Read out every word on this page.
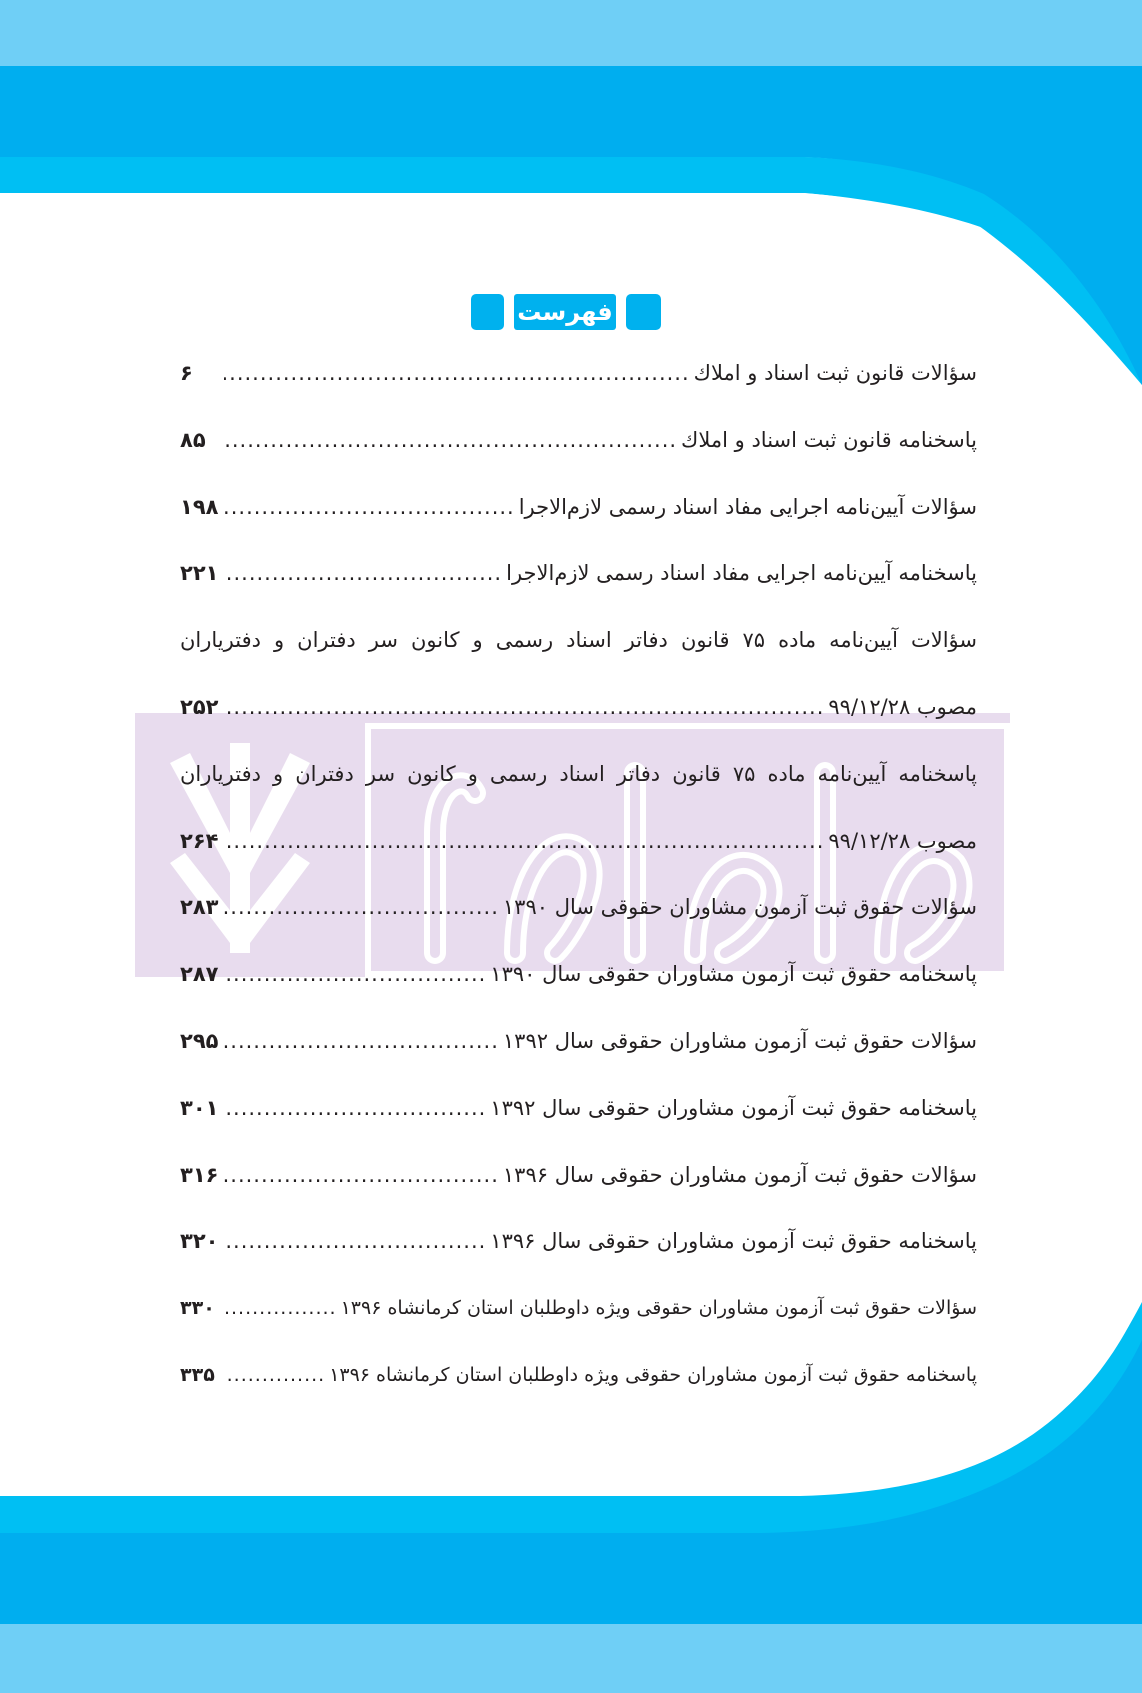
فهرست
سؤالات قانون ثبت اسناد و املاك
.....
۶
پاسخنامه قانون ثبت اسناد و املاك
.....
۸۵
سؤالات آیین‌نامه اجرایی مفاد اسناد رسمی لازم‌الاجرا
.....
۱۹۸
پاسخنامه آیین‌نامه اجرایی مفاد اسناد رسمی لازم‌الاجرا
.....
۲۲۱
سؤالات آیین‌نامه ماده ۷۵ قانون دفاتر اسناد رسمی و کانون سر دفتران و دفتریاران
مصوب ۹۹/۱۲/۲۸
.....
۲۵۲
پاسخنامه آیین‌نامه ماده ۷۵ قانون دفاتر اسناد رسمی و کانون سر دفتران و دفتریاران
مصوب ۹۹/۱۲/۲۸
.....
۲۶۴
سؤالات حقوق ثبت آزمون مشاوران حقوقی سال ۱۳۹۰
.....
۲۸۳
پاسخنامه حقوق ثبت آزمون مشاوران حقوقی سال ۱۳۹۰
.....
۲۸۷
سؤالات حقوق ثبت آزمون مشاوران حقوقی سال ۱۳۹۲
.....
۲۹۵
پاسخنامه حقوق ثبت آزمون مشاوران حقوقی سال ۱۳۹۲
.....
۳۰۱
سؤالات حقوق ثبت آزمون مشاوران حقوقی سال ۱۳۹۶
.....
۳۱۶
پاسخنامه حقوق ثبت آزمون مشاوران حقوقی سال ۱۳۹۶
.....
۳۲۰
سؤالات حقوق ثبت آزمون مشاوران حقوقی ویژه داوطلبان استان کرمانشاه ۱۳۹۶
.....
۳۳۰
پاسخنامه حقوق ثبت آزمون مشاوران حقوقی ویژه داوطلبان استان کرمانشاه ۱۳۹۶
.....
۳۳۵
